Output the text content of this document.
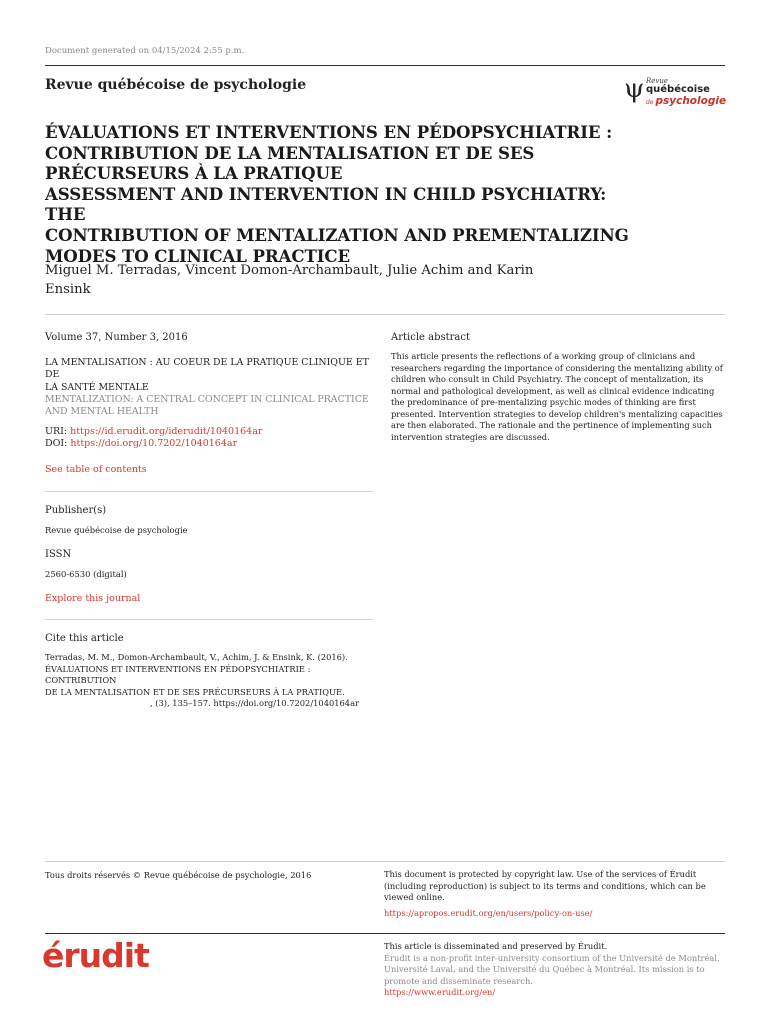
Document generated on 04/15/2024 2:55 p.m.
Revue québécoise de psychologie	ψ Revue
québécoise
de psychologie
ÉVALUATIONS ET INTERVENTIONS EN PÉDOPSYCHIATRIE :
CONTRIBUTION DE LA MENTALISATION ET DE SES
PRÉCURSEURS À LA PRATIQUE
ASSESSMENT AND INTERVENTION IN CHILD PSYCHIATRY: THE
CONTRIBUTION OF MENTALIZATION AND PREMENTALIZING
MODES TO CLINICAL PRACTICE
Miguel M. Terradas, Vincent Domon-Archambault, Julie Achim and Karin
Ensink
Volume 37, Number 3, 2016
LA MENTALISATION : AU COEUR DE LA PRATIQUE CLINIQUE ET DE
LA SANTÉ MENTALE
MENTALIZATION: A CENTRAL CONCEPT IN CLINICAL PRACTICE
AND MENTAL HEALTH
URI: https://id.erudit.org/iderudit/1040164ar
DOI: https://doi.org/10.7202/1040164ar
See table of contents
Publisher(s)
Revue québécoise de psychologie
ISSN
2560-6530 (digital)
Explore this journal
Cite this article
Terradas, M. M., Domon-Archambault, V., Achim, J. & Ensink, K. (2016).
ÉVALUATIONS ET INTERVENTIONS EN PÉDOPSYCHIATRIE : CONTRIBUTION
DE LA MENTALISATION ET DE SES PRÉCURSEURS À LA PRATIQUE.
, (3), 135–157. https://doi.org/10.7202/1040164ar
Article abstract
This article presents the reflections of a working group of clinicians and
researchers regarding the importance of considering the mentalizing ability of
children who consult in Child Psychiatry. The concept of mentalization, its
normal and pathological development, as well as clinical evidence indicating
the predominance of pre-mentalizing psychic modes of thinking are first
presented. Intervention strategies to develop children's mentalizing capacities
are then elaborated. The rationale and the pertinence of implementing such
intervention strategies are discussed.
Tous droits réservés © Revue québécoise de psychologie, 2016	This document is protected by copyright law. Use of the services of Érudit
(including reproduction) is subject to its terms and conditions, which can be
viewed online.
https://apropos.erudit.org/en/users/policy-on-use/
érudit	This article is disseminated and preserved by Érudit.
Érudit is a non-profit inter-university consortium of the Université de Montréal,
Université Laval, and the Université du Québec à Montréal. Its mission is to
promote and disseminate research.
https://www.erudit.org/en/
